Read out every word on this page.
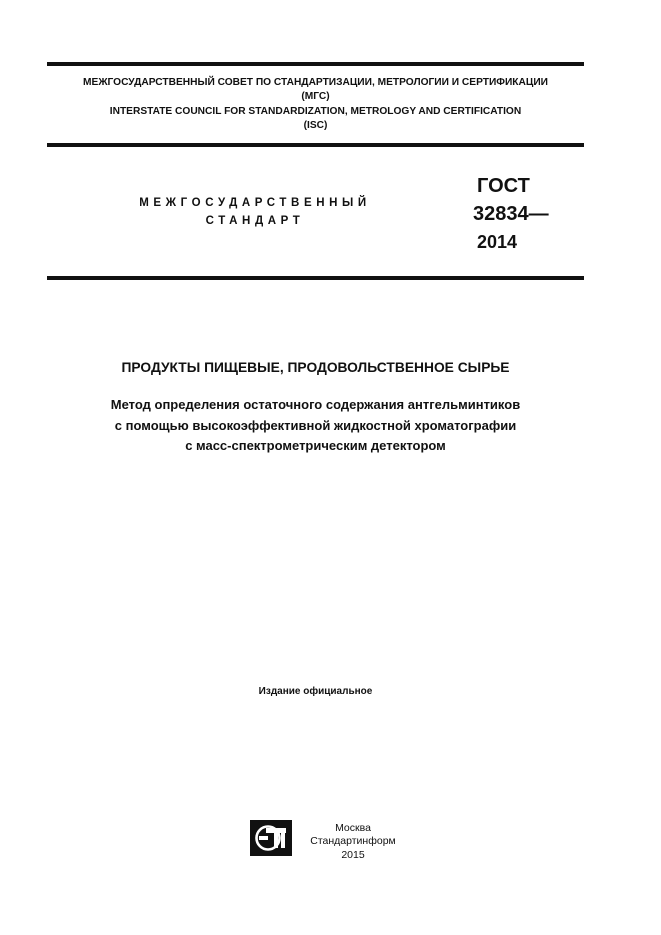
МЕЖГОСУДАРСТВЕННЫЙ СОВЕТ ПО СТАНДАРТИЗАЦИИ, МЕТРОЛОГИИ И СЕРТИФИКАЦИИ
(МГС)
INTERSTATE COUNCIL FOR STANDARDIZATION, METROLOGY AND CERTIFICATION
(ISC)
МЕЖГОСУДАРСТВЕННЫЙ
СТАНДАРТ
ГОСТ
32834—
2014
ПРОДУКТЫ ПИЩЕВЫЕ, ПРОДОВОЛЬСТВЕННОЕ СЫРЬЕ
Метод определения остаточного содержания антгельминтиков
с помощью высокоэффективной жидкостной хроматографии
с масс-спектрометрическим детектором
Издание официальное
Москва
Стандартинформ
2015
